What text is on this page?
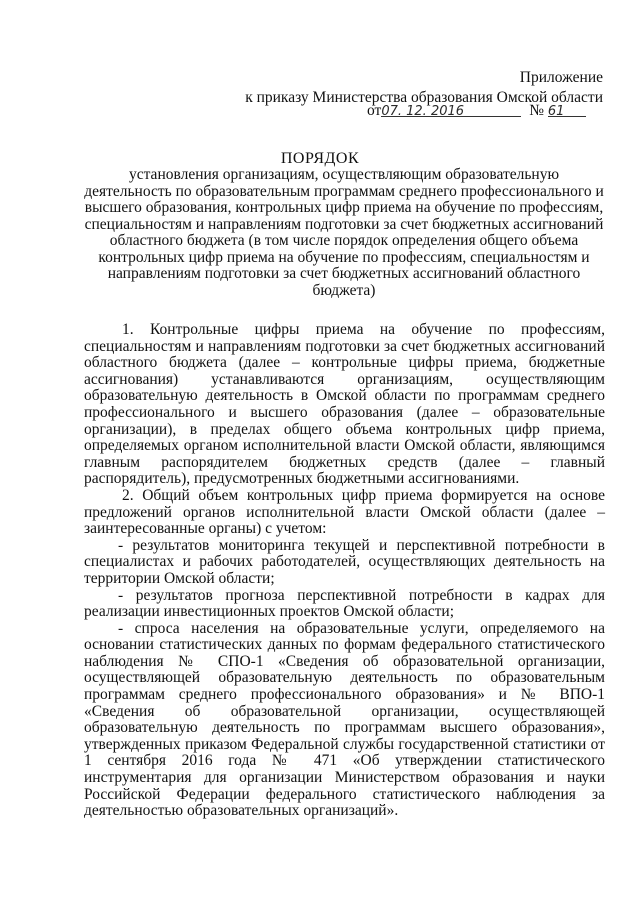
Приложение
к приказу Министерства образования Омской области
от07. 12. 2016	№ 61
ПОРЯДОК
установления организациям, осуществляющим образовательную деятельность по образовательным программам среднего профессионального и высшего образования, контрольных цифр приема на обучение по профессиям, специальностям и направлениям подготовки за счет бюджетных ассигнований областного бюджета (в том числе порядок определения общего объема контрольных цифр приема на обучение по профессиям, специальностям и направлениям подготовки за счет бюджетных ассигнований областного бюджета)

1. Контрольные цифры приема на обучение по профессиям, специальностям и направлениям подготовки за счет бюджетных ассигнований областного бюджета (далее – контрольные цифры приема, бюджетные ассигнования) устанавливаются организациям, осуществляющим образовательную деятельность в Омской области по программам среднего профессионального и высшего образования (далее – образовательные организации), в пределах общего объема контрольных цифр приема, определяемых органом исполнительной власти Омской области, являющимся главным распорядителем бюджетных средств (далее – главный распорядитель), предусмотренных бюджетными ассигнованиями.

2. Общий объем контрольных цифр приема формируется на основе предложений органов исполнительной власти Омской области (далее – заинтересованные органы) с учетом:

- результатов мониторинга текущей и перспективной потребности в специалистах и рабочих работодателей, осуществляющих деятельность на территории Омской области;

- результатов прогноза перспективной потребности в кадрах для реализации инвестиционных проектов Омской области;

- спроса населения на образовательные услуги, определяемого на основании статистических данных по формам федерального статистического наблюдения № СПО-1 «Сведения об образовательной организации, осуществляющей образовательную деятельность по образовательным программам среднего профессионального образования» и № ВПО-1 «Сведения об образовательной организации, осуществляющей образовательную деятельность по программам высшего образования», утвержденных приказом Федеральной службы государственной статистики от 1 сентября 2016 года № 471 «Об утверждении статистического инструментария для организации Министерством образования и науки Российской Федерации федерального статистического наблюдения за деятельностью образовательных организаций».
